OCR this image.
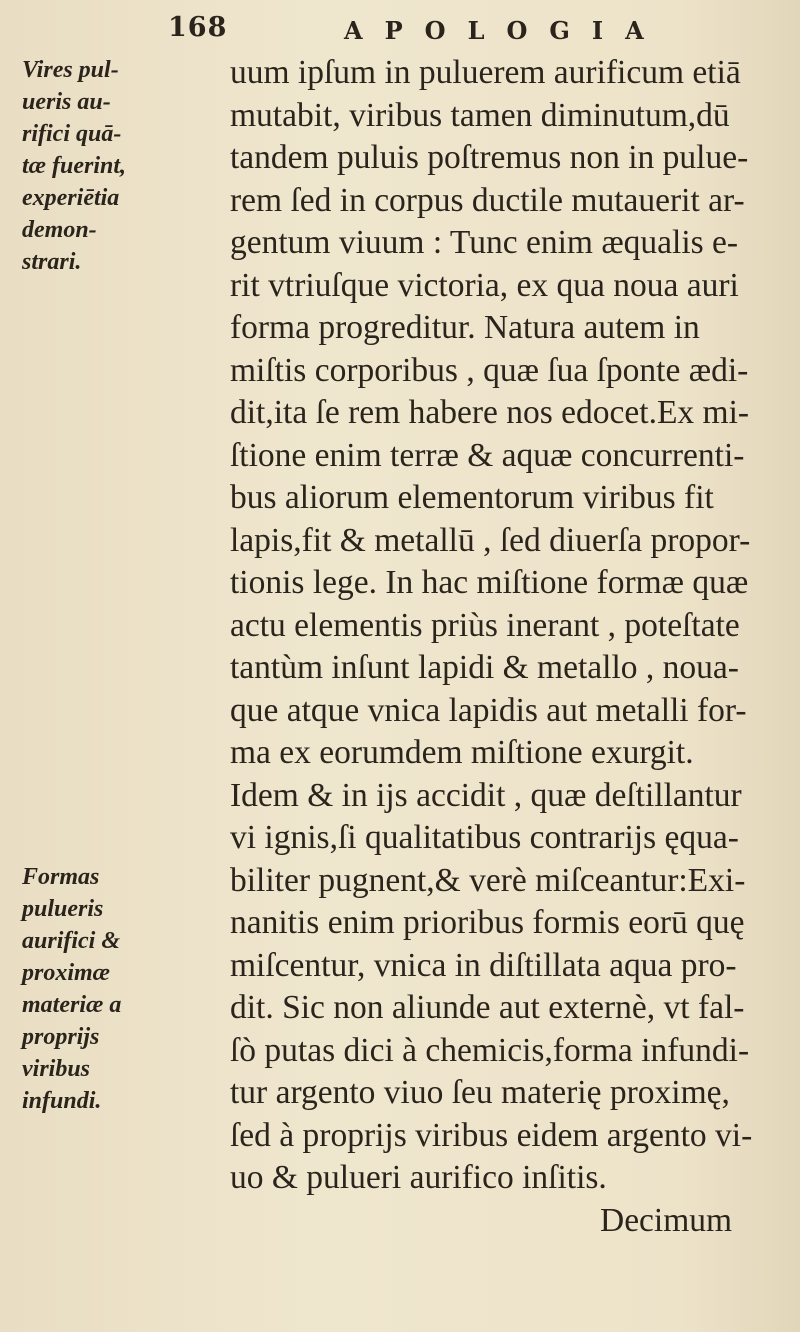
168	APOLOGIA
Vires pul-
ueris au-
rifici quā-
tæ fuerint,
experiētia
demon-
strari.
Formas
pulueris
aurifici &
proximæ
materiæ a
proprijs
viribus
infundi.
uum ipſum in puluerem aurificum etiā
mutabit, viribus tamen diminutum,dū
tandem puluis poſtremus non in pulue-
rem ſed in corpus ductile mutauerit ar-
gentum viuum : Tunc enim æqualis e-
rit vtriuſque victoria, ex qua noua auri
forma progreditur. Natura autem in
miſtis corporibus , quæ ſua ſponte ædi-
dit,ita ſe rem habere nos edocet.Ex mi-
ſtione enim terræ & aquæ concurrenti-
bus aliorum elementorum viribus fit
lapis,fit & metallū , ſed diuerſa propor-
tionis lege. In hac miſtione formæ quæ
actu elementis priùs inerant , poteſtate
tantùm inſunt lapidi & metallo , noua-
que atque vnica lapidis aut metalli for-
ma ex eorumdem miſtione exurgit.
Idem & in ijs accidit , quæ deſtillantur
vi ignis,ſi qualitatibus contrarijs ęqua-
biliter pugnent,& verè miſceantur:Exi-
nanitis enim prioribus formis eorū quę
miſcentur, vnica in diſtillata aqua pro-
dit. Sic non aliunde aut externè, vt fal-
ſò putas dici à chemicis,forma infundi-
tur argento viuo ſeu materię proximę,
ſed à proprijs viribus eidem argento vi-
uo & pulueri aurifico inſitis.
Decimum
